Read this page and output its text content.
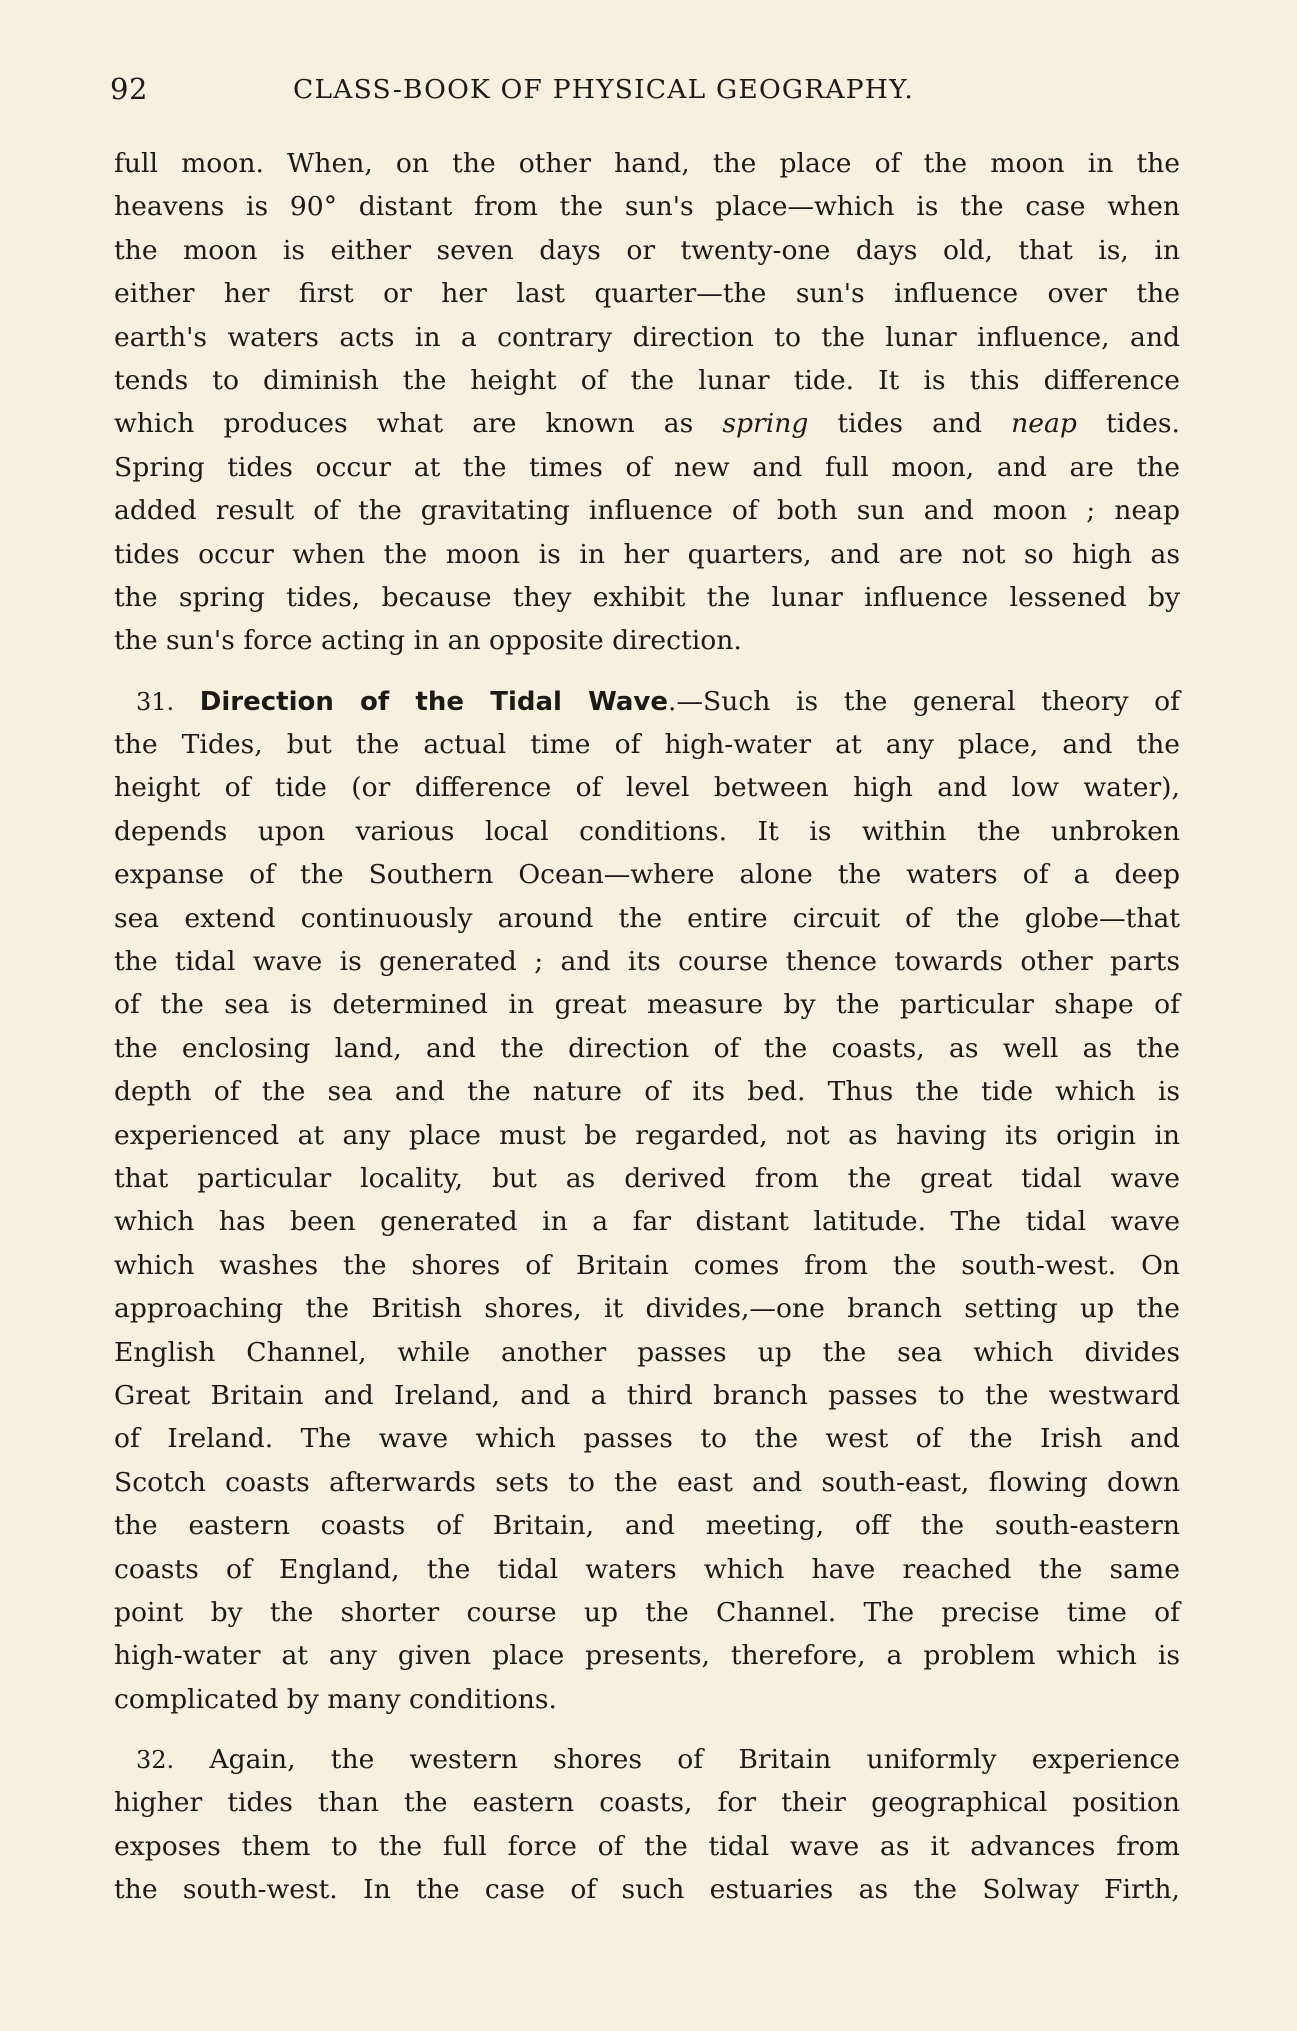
92	CLASS-BOOK OF PHYSICAL GEOGRAPHY.
full moon. When, on the other hand, the place of the moon in the
heavens is 90° distant from the sun's place—which is the case when
the moon is either seven days or twenty-one days old, that is, in
either her first or her last quarter—the sun's influence over the
earth's waters acts in a contrary direction to the lunar influence, and
tends to diminish the height of the lunar tide. It is this difference
which produces what are known as spring tides and neap tides.
Spring tides occur at the times of new and full moon, and are the
added result of the gravitating influence of both sun and moon ; neap
tides occur when the moon is in her quarters, and are not so high as
the spring tides, because they exhibit the lunar influence lessened by
the sun's force acting in an opposite direction.
31. Direction of the Tidal Wave.—Such is the general theory of
the Tides, but the actual time of high-water at any place, and the
height of tide (or difference of level between high and low water),
depends upon various local conditions. It is within the unbroken
expanse of the Southern Ocean—where alone the waters of a deep
sea extend continuously around the entire circuit of the globe—that
the tidal wave is generated ; and its course thence towards other parts
of the sea is determined in great measure by the particular shape of
the enclosing land, and the direction of the coasts, as well as the
depth of the sea and the nature of its bed. Thus the tide which is
experienced at any place must be regarded, not as having its origin in
that particular locality, but as derived from the great tidal wave
which has been generated in a far distant latitude. The tidal wave
which washes the shores of Britain comes from the south-west. On
approaching the British shores, it divides,—one branch setting up the
English Channel, while another passes up the sea which divides
Great Britain and Ireland, and a third branch passes to the westward
of Ireland. The wave which passes to the west of the Irish and
Scotch coasts afterwards sets to the east and south-east, flowing down
the eastern coasts of Britain, and meeting, off the south-eastern
coasts of England, the tidal waters which have reached the same
point by the shorter course up the Channel. The precise time of
high-water at any given place presents, therefore, a problem which is
complicated by many conditions.
32. Again, the western shores of Britain uniformly experience
higher tides than the eastern coasts, for their geographical position
exposes them to the full force of the tidal wave as it advances from
the south-west. In the case of such estuaries as the Solway Firth,
